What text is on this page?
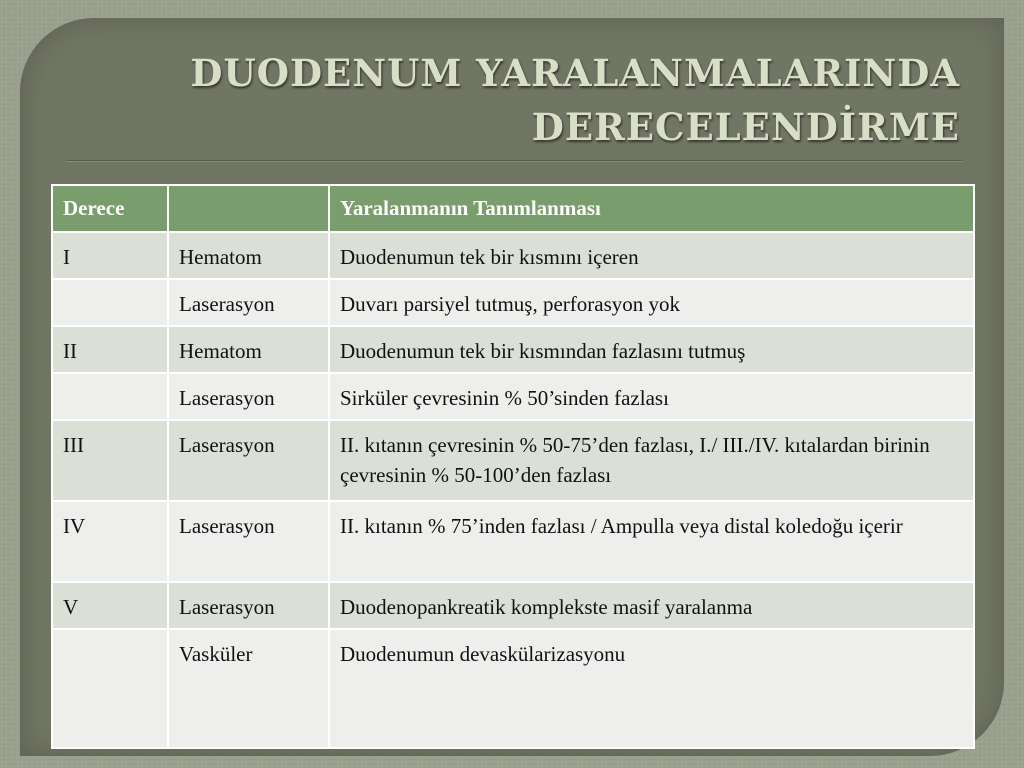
DUODENUM YARALANMALARINDA
DERECELENDİRME
Derece		Yaralanmanın Tanımlanması
I	Hematom	Duodenumun tek bir kısmını içeren
	Laserasyon	Duvarı parsiyel tutmuş, perforasyon yok
II	Hematom	Duodenumun tek bir kısmından fazlasını tutmuş
	Laserasyon	Sirküler çevresinin % 50’sinden fazlası
III	Laserasyon	II. kıtanın çevresinin % 50-75’den fazlası, I./ III./IV. kıtalardan birinin çevresinin % 50-100’den fazlası
IV	Laserasyon	II. kıtanın % 75’inden fazlası / Ampulla veya distal koledoğu içerir
V	Laserasyon	Duodenopankreatik komplekste masif yaralanma
	Vasküler	Duodenumun devaskülarizasyonu
